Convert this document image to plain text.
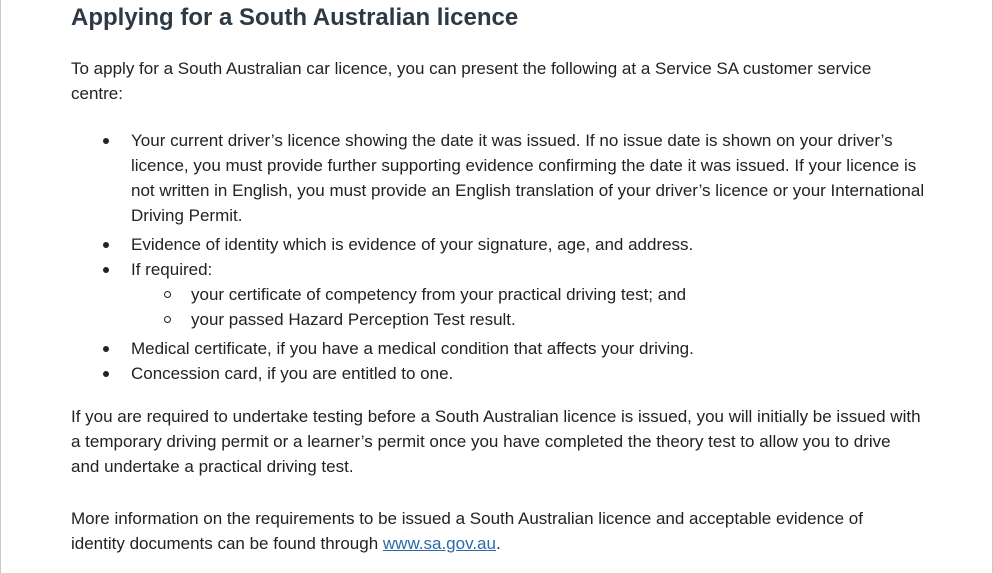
Applying for a South Australian licence

To apply for a South Australian car licence, you can present the following at a Service SA customer service centre:

Your current driver’s licence showing the date it was issued. If no issue date is shown on your driver’s licence, you must provide further supporting evidence confirming the date it was issued. If your licence is not written in English, you must provide an English translation of your driver’s licence or your International Driving Permit.
Evidence of identity which is evidence of your signature, age, and address.
If required:
your certificate of competency from your practical driving test; and
your passed Hazard Perception Test result.
Medical certificate, if you have a medical condition that affects your driving.
Concession card, if you are entitled to one.

If you are required to undertake testing before a South Australian licence is issued, you will initially be issued with a temporary driving permit or a learner’s permit once you have completed the theory test to allow you to drive and undertake a practical driving test.

More information on the requirements to be issued a South Australian licence and acceptable evidence of identity documents can be found through www.sa.gov.au.
